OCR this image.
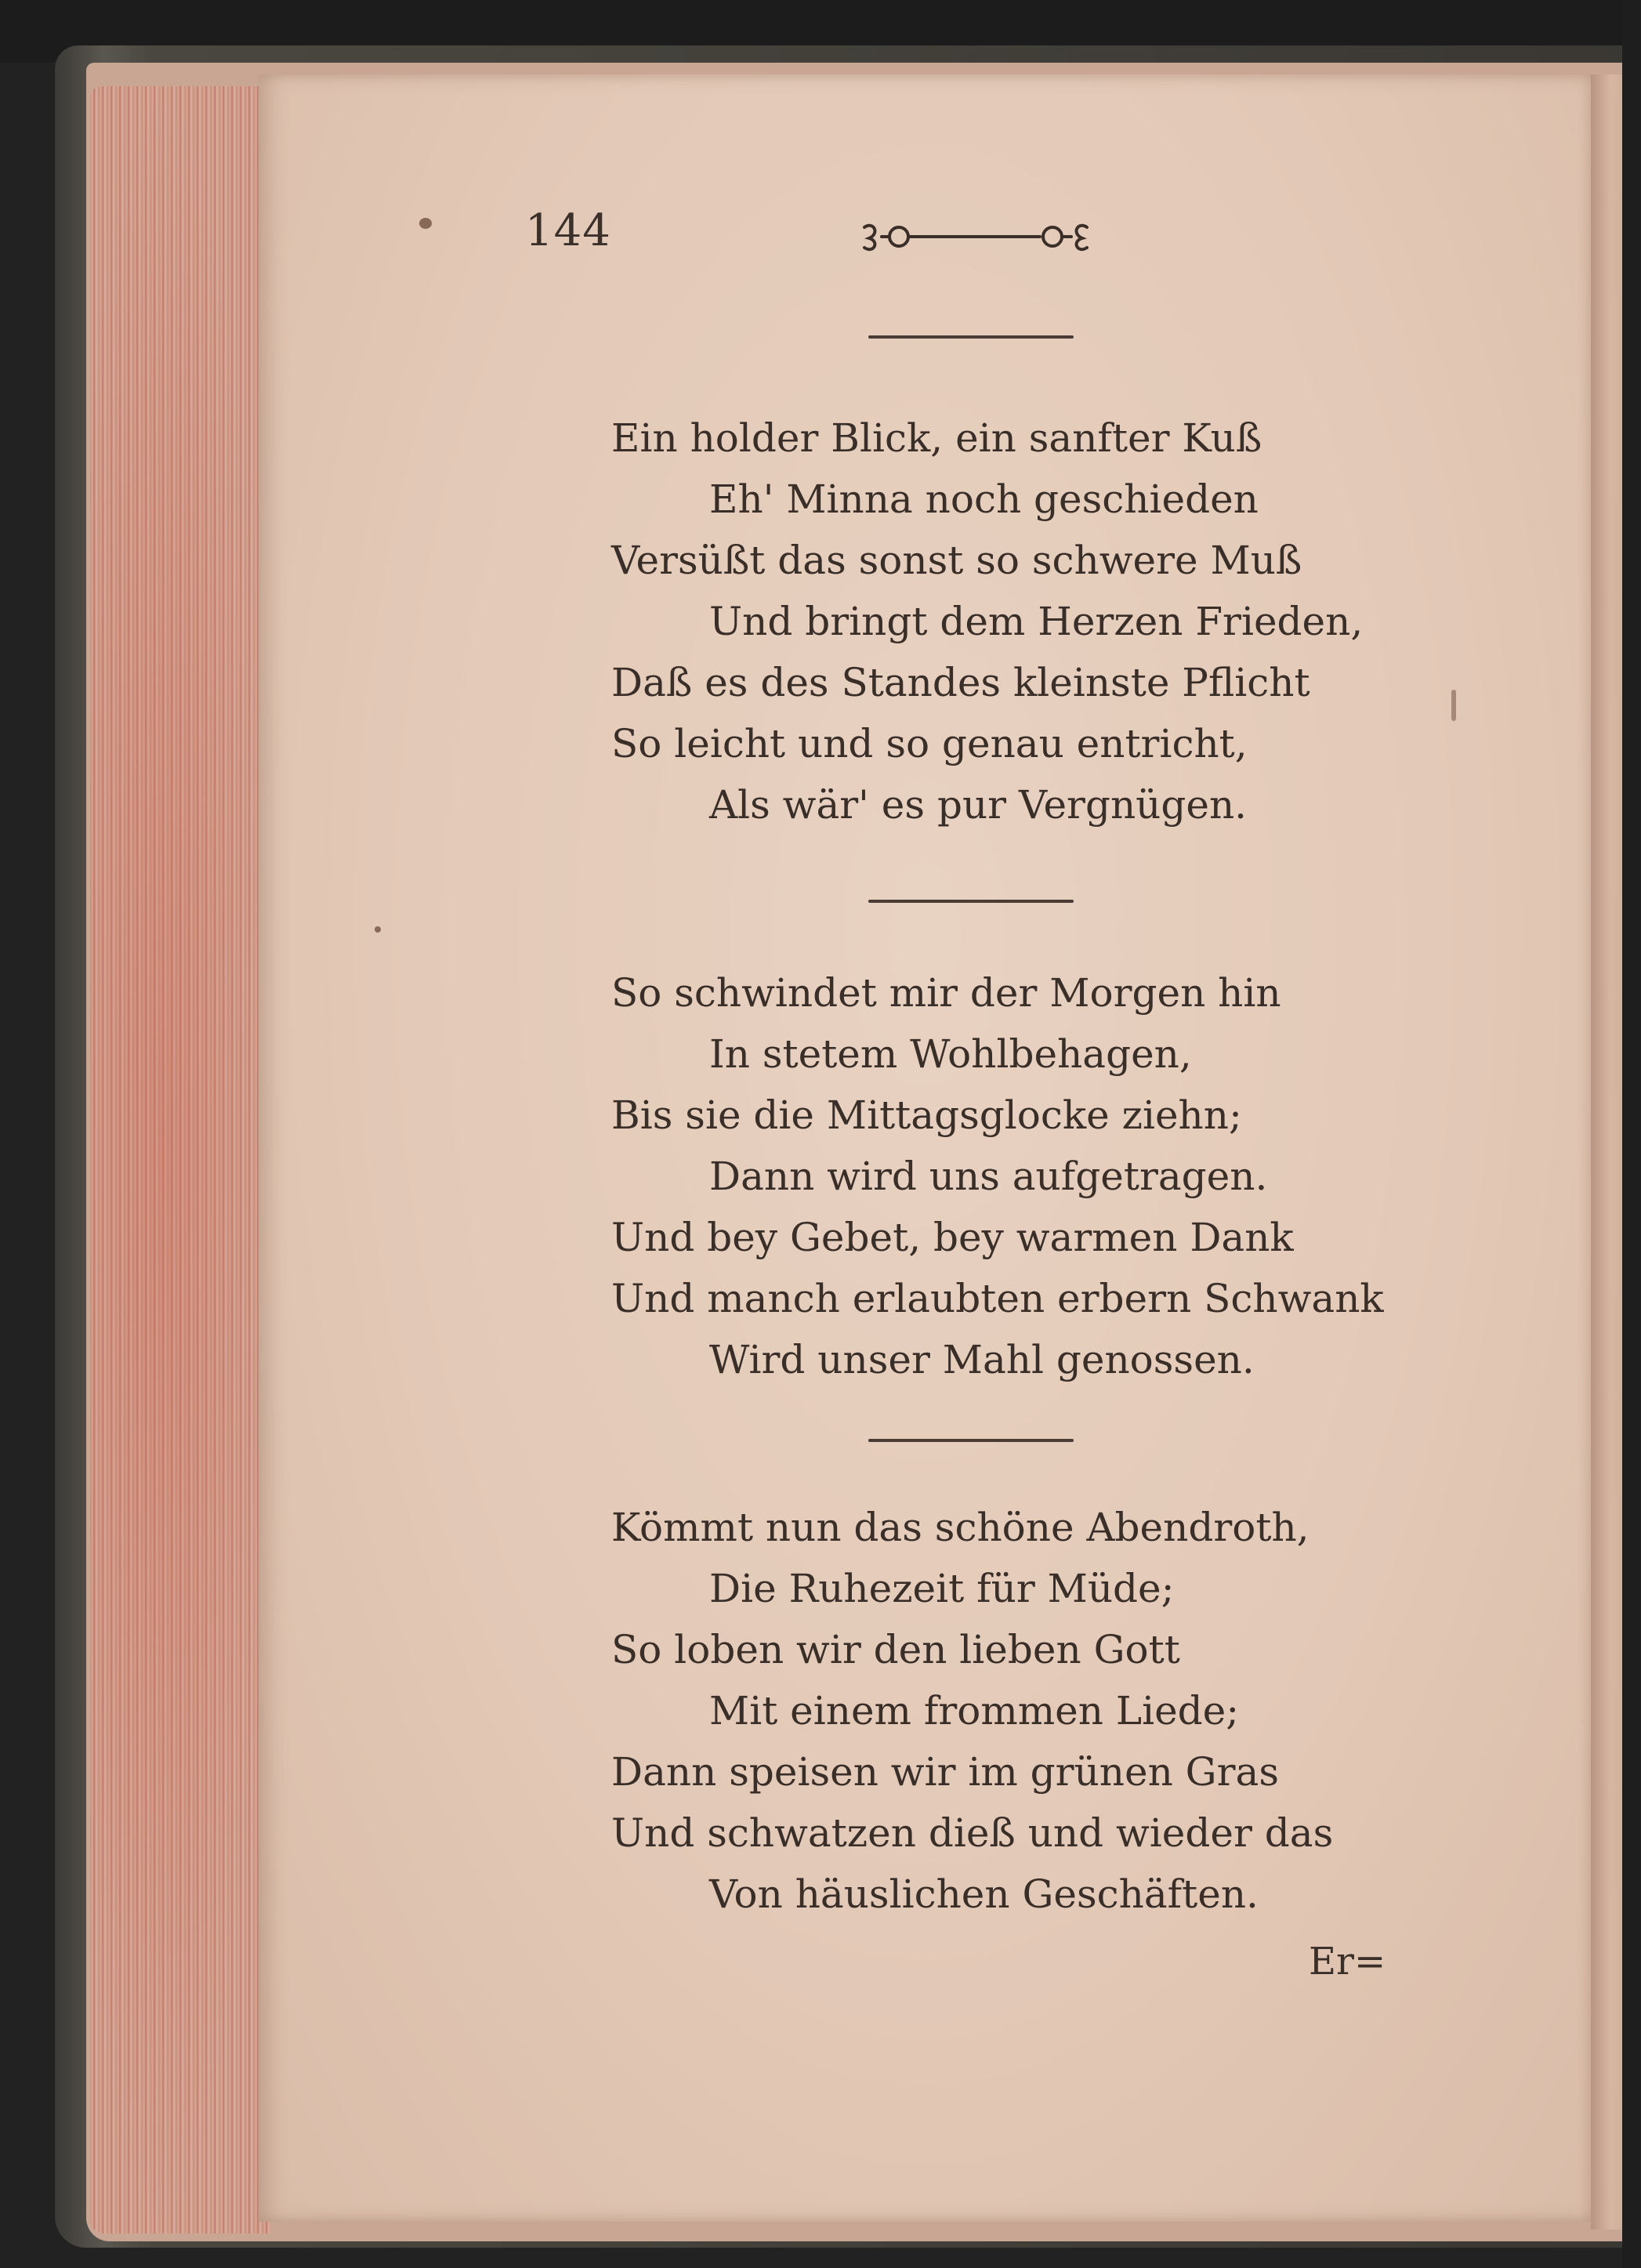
144
Ein holder Blick, ein sanfter Kuß
Eh' Minna noch geschieden
Versüßt das sonst so schwere Muß
Und bringt dem Herzen Frieden,
Daß es des Standes kleinste Pflicht
So leicht und so genau entricht,
Als wär' es pur Vergnügen.
So schwindet mir der Morgen hin
In stetem Wohlbehagen,
Bis sie die Mittagsglocke ziehn;
Dann wird uns aufgetragen.
Und bey Gebet, bey warmen Dank
Und manch erlaubten erbern Schwank
Wird unser Mahl genossen.
Kömmt nun das schöne Abendroth,
Die Ruhezeit für Müde;
So loben wir den lieben Gott
Mit einem frommen Liede;
Dann speisen wir im grünen Gras
Und schwatzen dieß und wieder das
Von häuslichen Geschäften.
Er=
